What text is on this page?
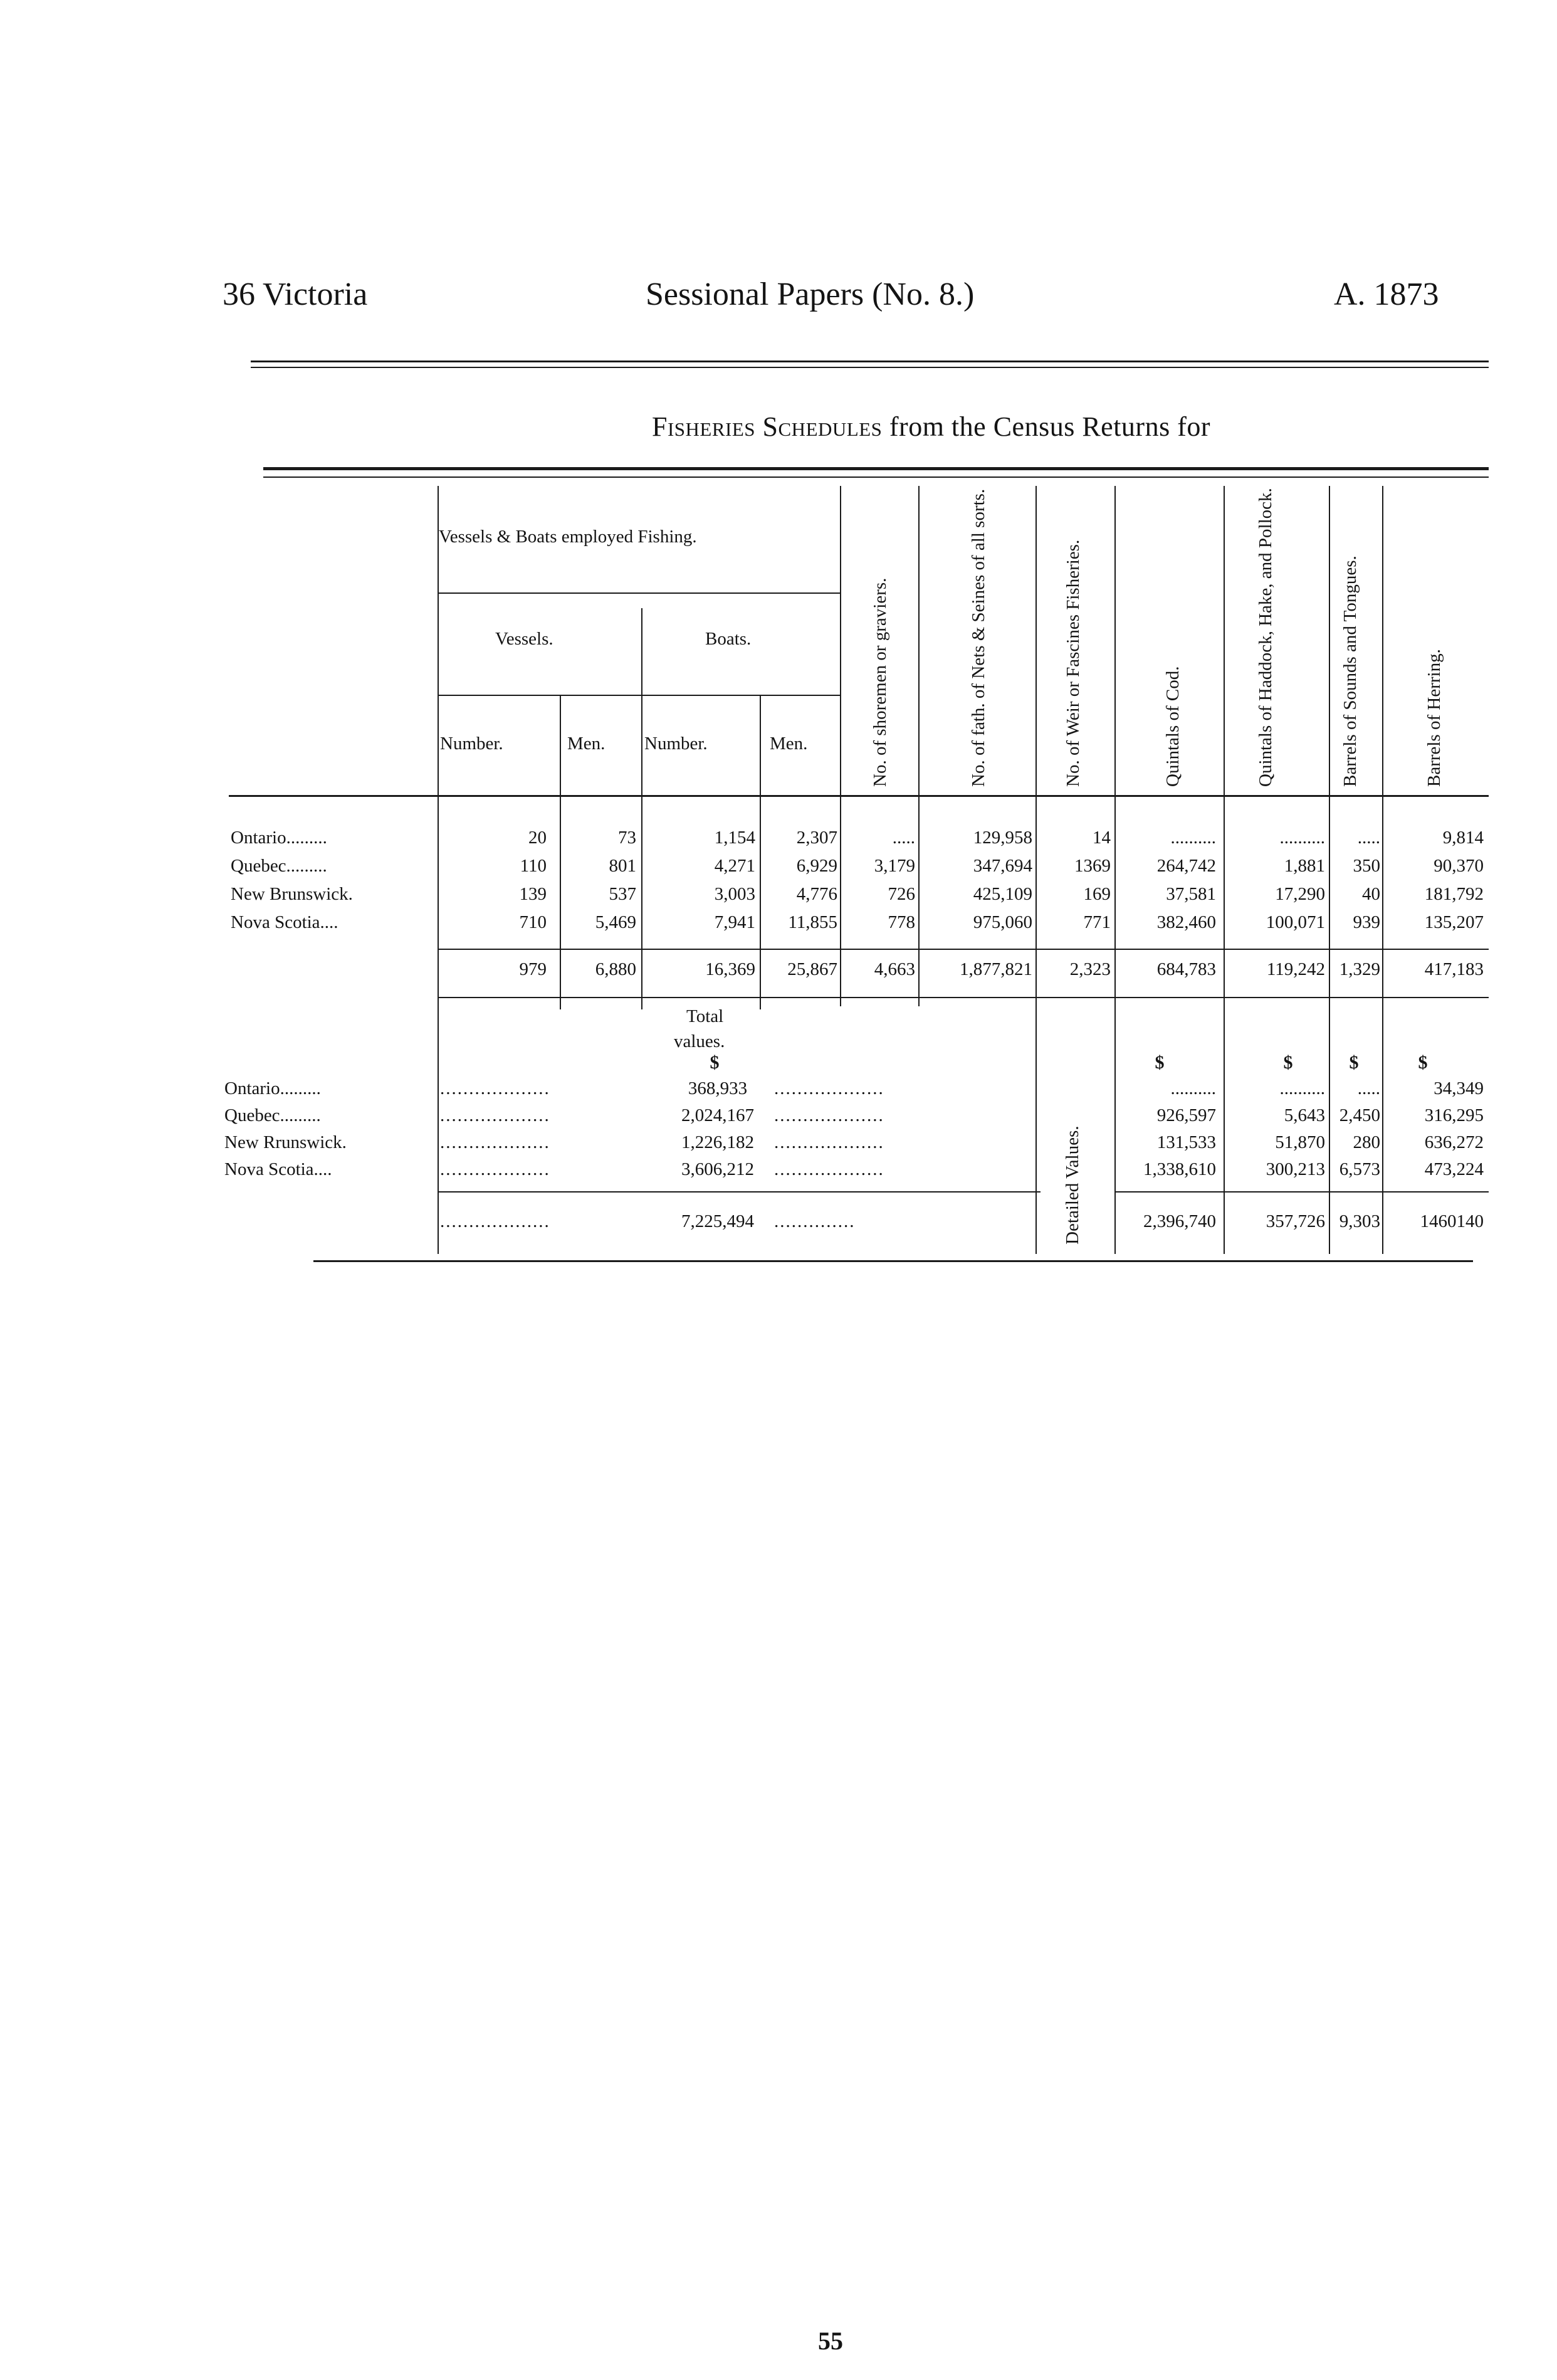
36 Victoria	Sessional Papers (No. 8.)	A. 1873
Fisheries Schedules from the Census Returns for
Vessels & Boats employed Fishing.
Vessels.	Boats.
Number.	Men. Number.	Men.	No. of shoremen or graviers.	No. of fath. of Nets & Seines of all sorts.	No. of Weir or Fascines Fisheries.	Quintals of Cod.	Quintals of Haddock, Hake, and Pollock.	Barrels of Sounds and Tongues.	Barrels of Herring.
Ontario.........	20	73	1,154	2,307	.....	129,958	14	..........	..........	.....	9,814
Quebec.........	110	801	4,271	6,929	3,179	347,694	1369	264,742	1,881	350	90,370
New Brunswick.	139	537	3,003	4,776	726	425,109	169	37,581	17,290	40	181,792
Nova Scotia....	710	5,469	7,941	11,855	778	975,060	771	382,460	100,071	939	135,207
979	6,880	16,369	25,867	4,663	1,877,821	2,323	684,783	119,242 1,329	417,183
Total
values.
$
Detailed Values.
$	$	$	$
Ontario.........	...................	368,933	...................	..........	..........	.....	34,349
Quebec.........	...................	2,024,167	...................	926,597	5,643 2,450	316,295
New Rrunswick.	...................	1,226,182	...................	131,533	51,870	280	636,272
Nova Scotia....	...................	3,606,212	...................	1,338,610	300,213 6,573	473,224
...................	7,225,494	..............	2,396,740	357,726 9,303	1460140
55
